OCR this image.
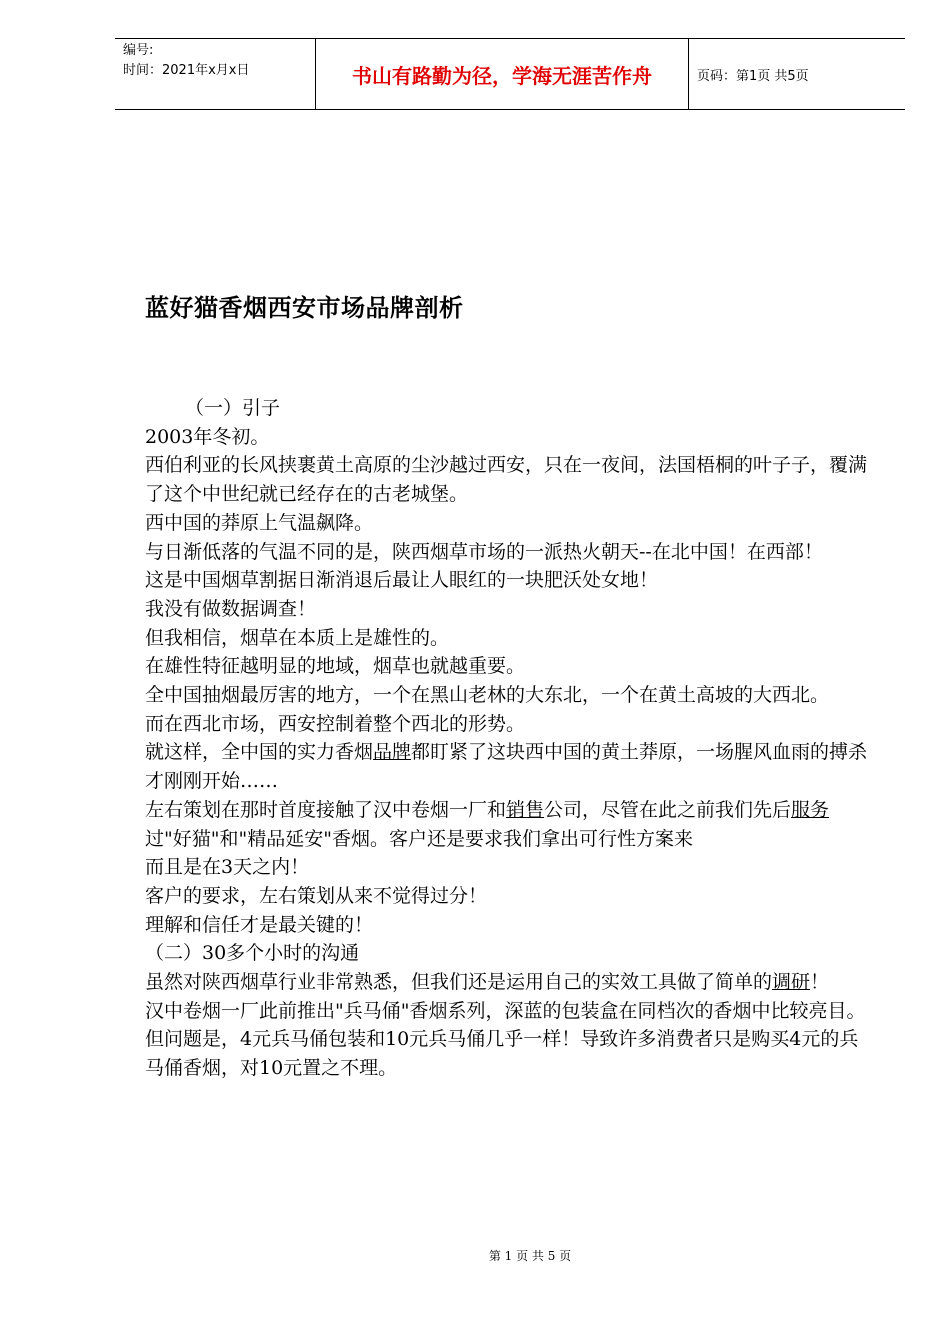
编号:
时间：2021年x月x日	书山有路勤为径，学海无涯苦作舟	页码：第1页 共5页
蓝好猫香烟西安市场品牌剖析

（一）引子

2003年冬初。

西伯利亚的长风挟裹黄土高原的尘沙越过西安，只在一夜间，法国梧桐的叶子子，覆满了这个中世纪就已经存在的古老城堡。

西中国的莽原上气温飙降。

与日渐低落的气温不同的是，陕西烟草市场的一派热火朝天--在北中国！在西部！

这是中国烟草割据日渐消退后最让人眼红的一块肥沃处女地！

我没有做数据调查！

但我相信，烟草在本质上是雄性的。

在雄性特征越明显的地域，烟草也就越重要。

全中国抽烟最厉害的地方，一个在黑山老林的大东北，一个在黄土高坡的大西北。

而在西北市场，西安控制着整个西北的形势。

就这样，全中国的实力香烟品牌都盯紧了这块西中国的黄土莽原，一场腥风血雨的搏杀才刚刚开始……

左右策划在那时首度接触了汉中卷烟一厂和销售公司，尽管在此之前我们先后服务过"好猫"和"精品延安"香烟。客户还是要求我们拿出可行性方案来

而且是在3天之内！

客户的要求，左右策划从来不觉得过分！

理解和信任才是最关键的！

（二）30多个小时的沟通

虽然对陕西烟草行业非常熟悉，但我们还是运用自己的实效工具做了简单的调研！

汉中卷烟一厂此前推出"兵马俑"香烟系列，深蓝的包装盒在同档次的香烟中比较亮目。

但问题是，4元兵马俑包装和10元兵马俑几乎一样！导致许多消费者只是购买4元的兵马俑香烟，对10元置之不理。

第 1 页 共 5 页
